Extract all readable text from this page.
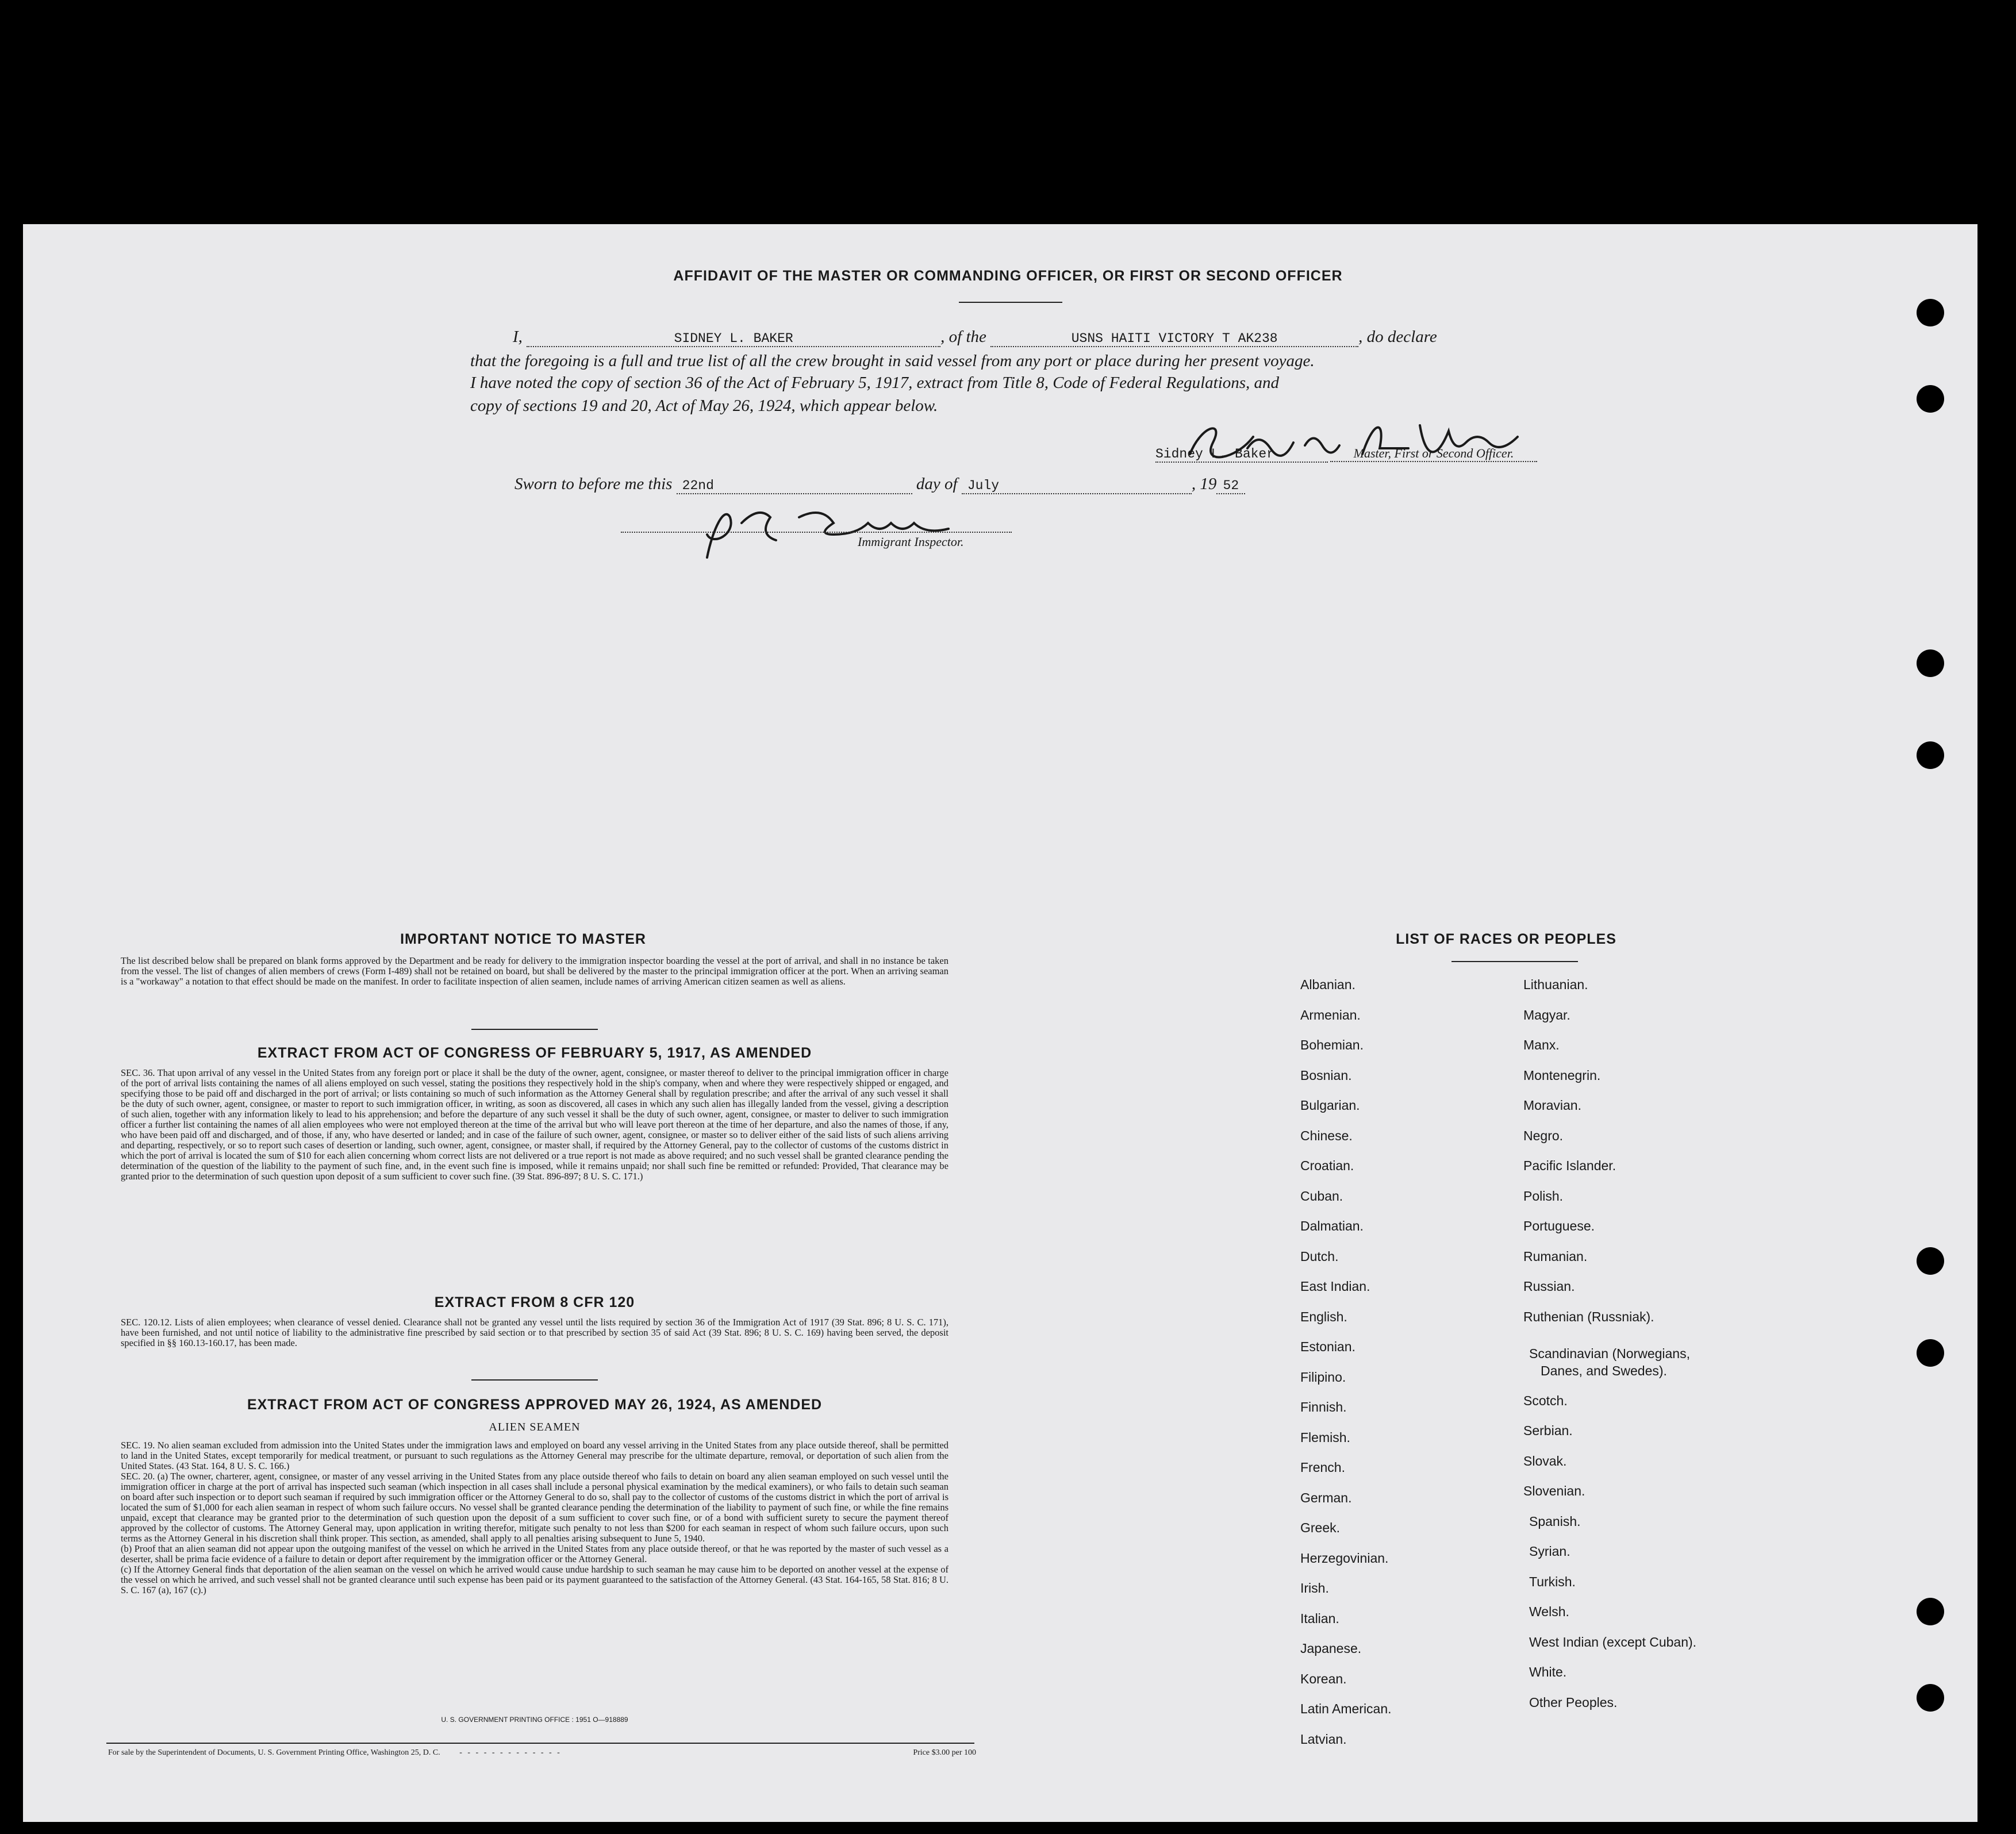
AFFIDAVIT OF THE MASTER OR COMMANDING OFFICER, OR FIRST OR SECOND OFFICER
I,	SIDNEY L. BAKER	, of the	USNS HAITI VICTORY T AK238	, do declare
that the foregoing is a full and true list of all the crew brought in said vessel from any port or place during her present voyage.
I have noted the copy of section 36 of the Act of February 5, 1917, extract from Title 8, Code of Federal Regulations, and
copy of sections 19 and 20, Act of May 26, 1924, which appear below.
Sidney L. Baker	Master, First or Second Officer.
Sworn to before me this 22nd	day of July	, 19 52
Immigrant Inspector.
IMPORTANT NOTICE TO MASTER
The list described below shall be prepared on blank forms approved by the Department and be ready for delivery to the immigration inspector boarding the vessel at the port of arrival, and shall in no instance be taken from the vessel. The list of changes of alien members of crews (Form I-489) shall not be retained on board, but shall be delivered by the master to the principal immigration officer at the port. When an arriving seaman is a "workaway" a notation to that effect should be made on the manifest. In order to facilitate inspection of alien seamen, include names of arriving American citizen seamen as well as aliens.
EXTRACT FROM ACT OF CONGRESS OF FEBRUARY 5, 1917, AS AMENDED
SEC. 36. That upon arrival of any vessel in the United States from any foreign port or place it shall be the duty of the owner, agent, consignee, or master thereof to deliver to the principal immigration officer in charge of the port of arrival lists containing the names of all aliens employed on such vessel, stating the positions they respectively hold in the ship's company, when and where they were respectively shipped or engaged, and specifying those to be paid off and discharged in the port of arrival; or lists containing so much of such information as the Attorney General shall by regulation prescribe; and after the arrival of any such vessel it shall be the duty of such owner, agent, consignee, or master to report to such immigration officer, in writing, as soon as discovered, all cases in which any such alien has illegally landed from the vessel, giving a description of such alien, together with any information likely to lead to his apprehension; and before the departure of any such vessel it shall be the duty of such owner, agent, consignee, or master to deliver to such immigration officer a further list containing the names of all alien employees who were not employed thereon at the time of the arrival but who will leave port thereon at the time of her departure, and also the names of those, if any, who have been paid off and discharged, and of those, if any, who have deserted or landed; and in case of the failure of such owner, agent, consignee, or master so to deliver either of the said lists of such aliens arriving and departing, respectively, or so to report such cases of desertion or landing, such owner, agent, consignee, or master shall, if required by the Attorney General, pay to the collector of customs of the customs district in which the port of arrival is located the sum of $10 for each alien concerning whom correct lists are not delivered or a true report is not made as above required; and no such vessel shall be granted clearance pending the determination of the question of the liability to the payment of such fine, and, in the event such fine is imposed, while it remains unpaid; nor shall such fine be remitted or refunded: Provided, That clearance may be granted prior to the determination of such question upon deposit of a sum sufficient to cover such fine. (39 Stat. 896-897; 8 U. S. C. 171.)
EXTRACT FROM 8 CFR 120
SEC. 120.12. Lists of alien employees; when clearance of vessel denied. Clearance shall not be granted any vessel until the lists required by section 36 of the Immigration Act of 1917 (39 Stat. 896; 8 U. S. C. 171), have been furnished, and not until notice of liability to the administrative fine prescribed by said section or to that prescribed by section 35 of said Act (39 Stat. 896; 8 U. S. C. 169) having been served, the deposit specified in §§ 160.13-160.17, has been made.
EXTRACT FROM ACT OF CONGRESS APPROVED MAY 26, 1924, AS AMENDED
ALIEN SEAMEN
SEC. 19. No alien seaman excluded from admission into the United States under the immigration laws and employed on board any vessel arriving in the United States from any place outside thereof, shall be permitted to land in the United States, except temporarily for medical treatment, or pursuant to such regulations as the Attorney General may prescribe for the ultimate departure, removal, or deportation of such alien from the United States. (43 Stat. 164, 8 U. S. C. 166.)
SEC. 20. (a) The owner, charterer, agent, consignee, or master of any vessel arriving in the United States from any place outside thereof who fails to detain on board any alien seaman employed on such vessel until the immigration officer in charge at the port of arrival has inspected such seaman (which inspection in all cases shall include a personal physical examination by the medical examiners), or who fails to detain such seaman on board after such inspection or to deport such seaman if required by such immigration officer or the Attorney General to do so, shall pay to the collector of customs of the customs district in which the port of arrival is located the sum of $1,000 for each alien seaman in respect of whom such failure occurs. No vessel shall be granted clearance pending the determination of the liability to payment of such fine, or while the fine remains unpaid, except that clearance may be granted prior to the determination of such question upon the deposit of a sum sufficient to cover such fine, or of a bond with sufficient surety to secure the payment thereof approved by the collector of customs. The Attorney General may, upon application in writing therefor, mitigate such penalty to not less than $200 for each seaman in respect of whom such failure occurs, upon such terms as the Attorney General in his discretion shall think proper. This section, as amended, shall apply to all penalties arising subsequent to June 5, 1940.
(b) Proof that an alien seaman did not appear upon the outgoing manifest of the vessel on which he arrived in the United States from any place outside thereof, or that he was reported by the master of such vessel as a deserter, shall be prima facie evidence of a failure to detain or deport after requirement by the immigration officer or the Attorney General.
(c) If the Attorney General finds that deportation of the alien seaman on the vessel on which he arrived would cause undue hardship to such seaman he may cause him to be deported on another vessel at the expense of the vessel on which he arrived, and such vessel shall not be granted clearance until such expense has been paid or its payment guaranteed to the satisfaction of the Attorney General. (43 Stat. 164-165, 58 Stat. 816; 8 U. S. C. 167 (a), 167 (c).)
U. S. GOVERNMENT PRINTING OFFICE : 1951 O—918889
For sale by the Superintendent of Documents, U. S. Government Printing Office, Washington 25, D. C. - - - - - - - - - - - - -	Price $3.00 per 100
LIST OF RACES OR PEOPLES
Albanian.
Armenian.
Bohemian.
Bosnian.
Bulgarian.
Chinese.
Croatian.
Cuban.
Dalmatian.
Dutch.
East Indian.
English.
Estonian.
Filipino.
Finnish.
Flemish.
French.
German.
Greek.
Herzegovinian.
Irish.
Italian.
Japanese.
Korean.
Latin American.
Latvian.
Lithuanian.
Magyar.
Manx.
Montenegrin.
Moravian.
Negro.
Pacific Islander.
Polish.
Portuguese.
Rumanian.
Russian.
Ruthenian (Russniak).
Scandinavian (Norwegians,
Danes, and Swedes).
Scotch.
Serbian.
Slovak.
Slovenian.
Spanish.
Syrian.
Turkish.
Welsh.
West Indian (except Cuban).
White.
Other Peoples.
